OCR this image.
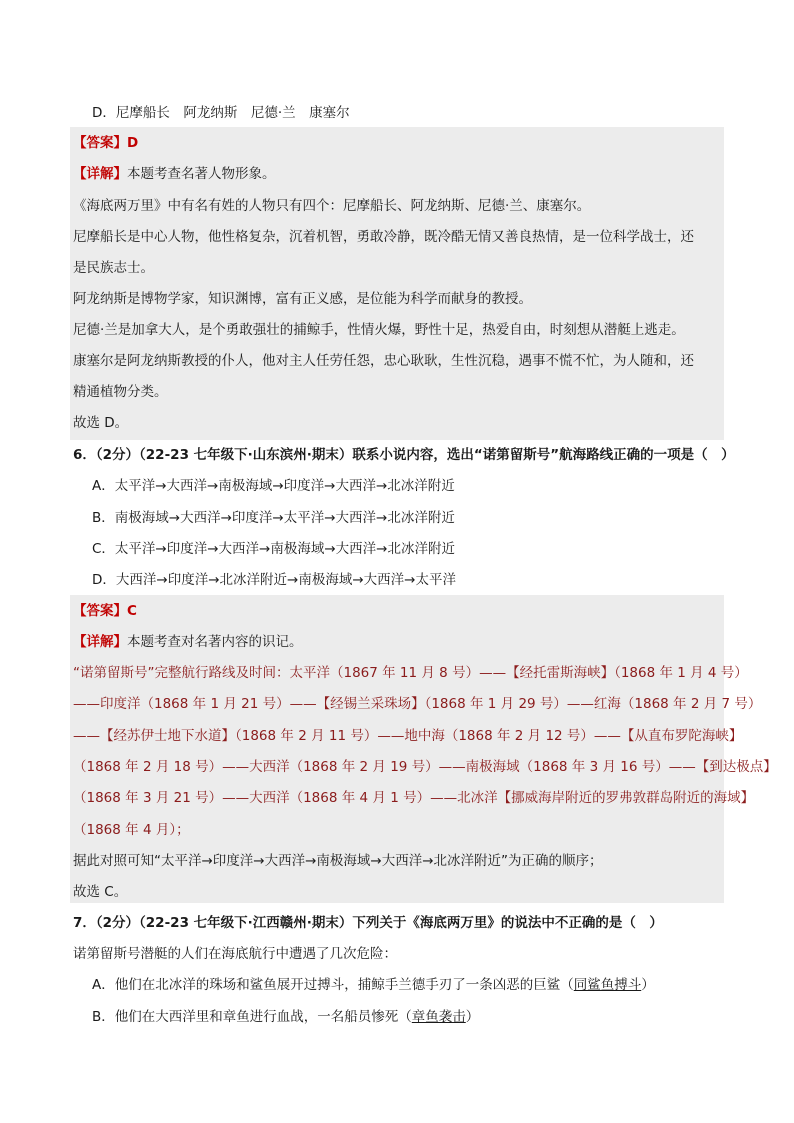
D．尼摩船长　阿龙纳斯　尼德·兰　康塞尔
【答案】D
【详解】本题考查名著人物形象。
《海底两万里》中有名有姓的人物只有四个：尼摩船长、阿龙纳斯、尼德·兰、康塞尔。
尼摩船长是中心人物，他性格复杂，沉着机智，勇敢冷静，既冷酷无情又善良热情，是一位科学战士，还
是民族志士。
阿龙纳斯是博物学家，知识渊博，富有正义感，是位能为科学而献身的教授。
尼德·兰是加拿大人，是个勇敢强壮的捕鲸手，性情火爆，野性十足，热爱自由，时刻想从潜艇上逃走。
康塞尔是阿龙纳斯教授的仆人，他对主人任劳任怨，忠心耿耿，生性沉稳，遇事不慌不忙，为人随和，还
精通植物分类。
故选 D。
6．（2分）（22-23 七年级下·山东滨州·期末）联系小说内容，选出“诺第留斯号”航海路线正确的一项是（　）
A．太平洋→大西洋→南极海域→印度洋→大西洋→北冰洋附近
B．南极海域→大西洋→印度洋→太平洋→大西洋→北冰洋附近
C．太平洋→印度洋→大西洋→南极海域→大西洋→北冰洋附近
D．大西洋→印度洋→北冰洋附近→南极海域→大西洋→太平洋
【答案】C
【详解】本题考查对名著内容的识记。
“诺第留斯号”完整航行路线及时间：太平洋（1867 年 11 月 8 号）——【经托雷斯海峡】（1868 年 1 月 4 号）
——印度洋（1868 年 1 月 21 号）——【经锡兰采珠场】（1868 年 1 月 29 号）——红海（1868 年 2 月 7 号）
——【经苏伊士地下水道】（1868 年 2 月 11 号）——地中海（1868 年 2 月 12 号）——【从直布罗陀海峡】
（1868 年 2 月 18 号）——大西洋（1868 年 2 月 19 号）——南极海域（1868 年 3 月 16 号）——【到达极点】
（1868 年 3 月 21 号）——大西洋（1868 年 4 月 1 号）——北冰洋【挪威海岸附近的罗弗敦群岛附近的海域】
（1868 年 4 月）；
据此对照可知“太平洋→印度洋→大西洋→南极海域→大西洋→北冰洋附近”为正确的顺序；
故选 C。
7．（2分）（22-23 七年级下·江西赣州·期末）下列关于《海底两万里》的说法中不正确的是（　）
诺第留斯号潜艇的人们在海底航行中遭遇了几次危险：
A．他们在北冰洋的珠场和鲨鱼展开过搏斗，捕鲸手兰德手刃了一条凶恶的巨鲨（同鲨鱼搏斗）
B．他们在大西洋里和章鱼进行血战，一名船员惨死（章鱼袭击）
